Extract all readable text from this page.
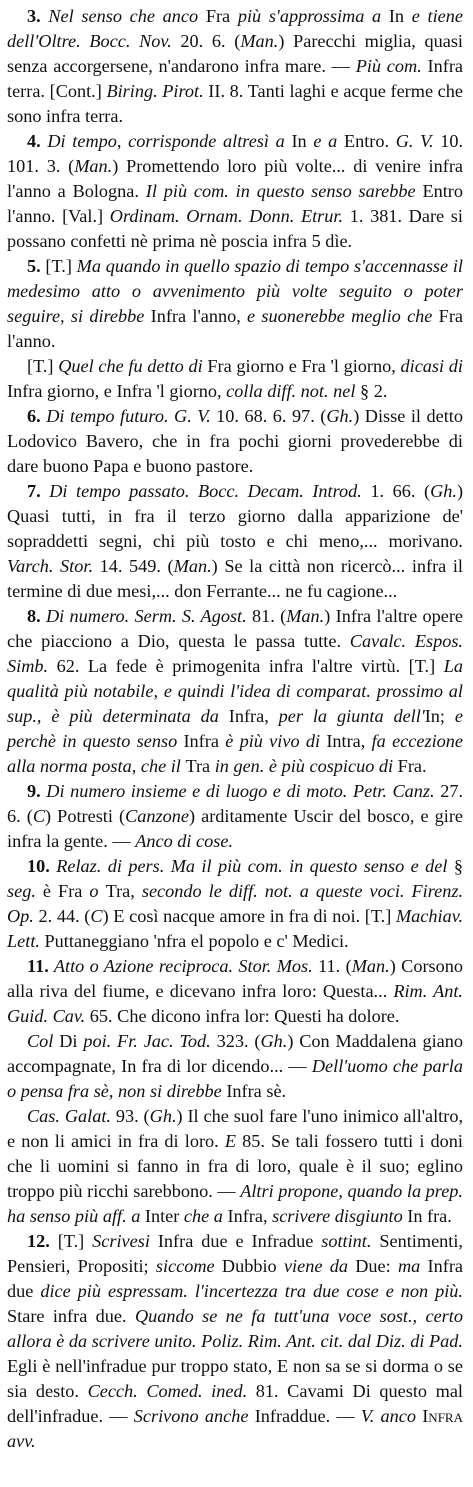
3. Nel senso che anco Fra più s'approssima a In e tiene dell'Oltre. Bocc. Nov. 20. 6. (Man.) Parecchi miglia, quasi senza accorgersene, n'andarono infra mare. — Più com. Infra terra. [Cont.] Biring. Pirot. II. 8. Tanti laghi e acque ferme che sono infra terra.

4. Di tempo, corrisponde altresì a In e a Entro. G. V. 10. 101. 3. (Man.) Promettendo loro più volte... di venire infra l'anno a Bologna. Il più com. in questo senso sarebbe Entro l'anno. [Val.] Ordinam. Ornam. Donn. Etrur. 1. 381. Dare si possano confetti nè prima nè poscia infra 5 dìe.

5. [T.] Ma quando in quello spazio di tempo s'accennasse il medesimo atto o avvenimento più volte seguito o poter seguire, si direbbe Infra l'anno, e suonerebbe meglio che Fra l'anno.

[T.] Quel che fu detto di Fra giorno e Fra 'l giorno, dicasi di Infra giorno, e Infra 'l giorno, colla diff. not. nel § 2.

6. Di tempo futuro. G. V. 10. 68. 6. 97. (Gh.) Disse il detto Lodovico Bavero, che in fra pochi giorni provederebbe di dare buono Papa e buono pastore.

7. Di tempo passato. Bocc. Decam. Introd. 1. 66. (Gh.) Quasi tutti, in fra il terzo giorno dalla apparizione de' sopraddetti segni, chi più tosto e chi meno,... morivano. Varch. Stor. 14. 549. (Man.) Se la città non ricercò... infra il termine di due mesi,... don Ferrante... ne fu cagione...

8. Di numero. Serm. S. Agost. 81. (Man.) Infra l'altre opere che piacciono a Dio, questa le passa tutte. Cavalc. Espos. Simb. 62. La fede è primogenita infra l'altre virtù. [T.] La qualità più notabile, e quindi l'idea di comparat. prossimo al sup., è più determinata da Infra, per la giunta dell'In; e perchè in questo senso Infra è più vivo di Intra, fa eccezione alla norma posta, che il Tra in gen. è più cospicuo di Fra.

9. Di numero insieme e di luogo e di moto. Petr. Canz. 27. 6. (C) Potresti (Canzone) arditamente Uscir del bosco, e gire infra la gente. — Anco di cose.

10. Relaz. di pers. Ma il più com. in questo senso e del § seg. è Fra o Tra, secondo le diff. not. a queste voci. Firenz. Op. 2. 44. (C) E così nacque amore in fra di noi. [T.] Machiav. Lett. Puttaneggiano 'nfra el popolo e c' Medici.

11. Atto o Azione reciproca. Stor. Mos. 11. (Man.) Corsono alla riva del fiume, e dicevano infra loro: Questa... Rim. Ant. Guid. Cav. 65. Che dicono infra lor: Questi ha dolore.

Col Di poi. Fr. Jac. Tod. 323. (Gh.) Con Maddalena giano accompagnate, In fra di lor dicendo... — Dell'uomo che parla o pensa fra sè, non si direbbe Infra sè.

Cas. Galat. 93. (Gh.) Il che suol fare l'uno inimico all'altro, e non li amici in fra di loro. E 85. Se tali fossero tutti i doni che li uomini si fanno in fra di loro, quale è il suo; eglino troppo più ricchi sarebbono. — Altri propone, quando la prep. ha senso più aff. a Inter che a Infra, scrivere disgiunto In fra.

12. [T.] Scrivesi Infra due e Infradue sottint. Sentimenti, Pensieri, Propositi; siccome Dubbio viene da Due: ma Infra due dice più espressam. l'incertezza tra due cose e non più. Stare infra due. Quando se ne fa tutt'una voce sost., certo allora è da scrivere unito. Poliz. Rim. Ant. cit. dal Diz. di Pad. Egli è nell'infradue pur troppo stato, E non sa se si dorma o se sia desto. Cecch. Comed. ined. 81. Cavami Di questo mal dell'infradue. — Scrivono anche Infraddue. — V. anco Infra avv.
